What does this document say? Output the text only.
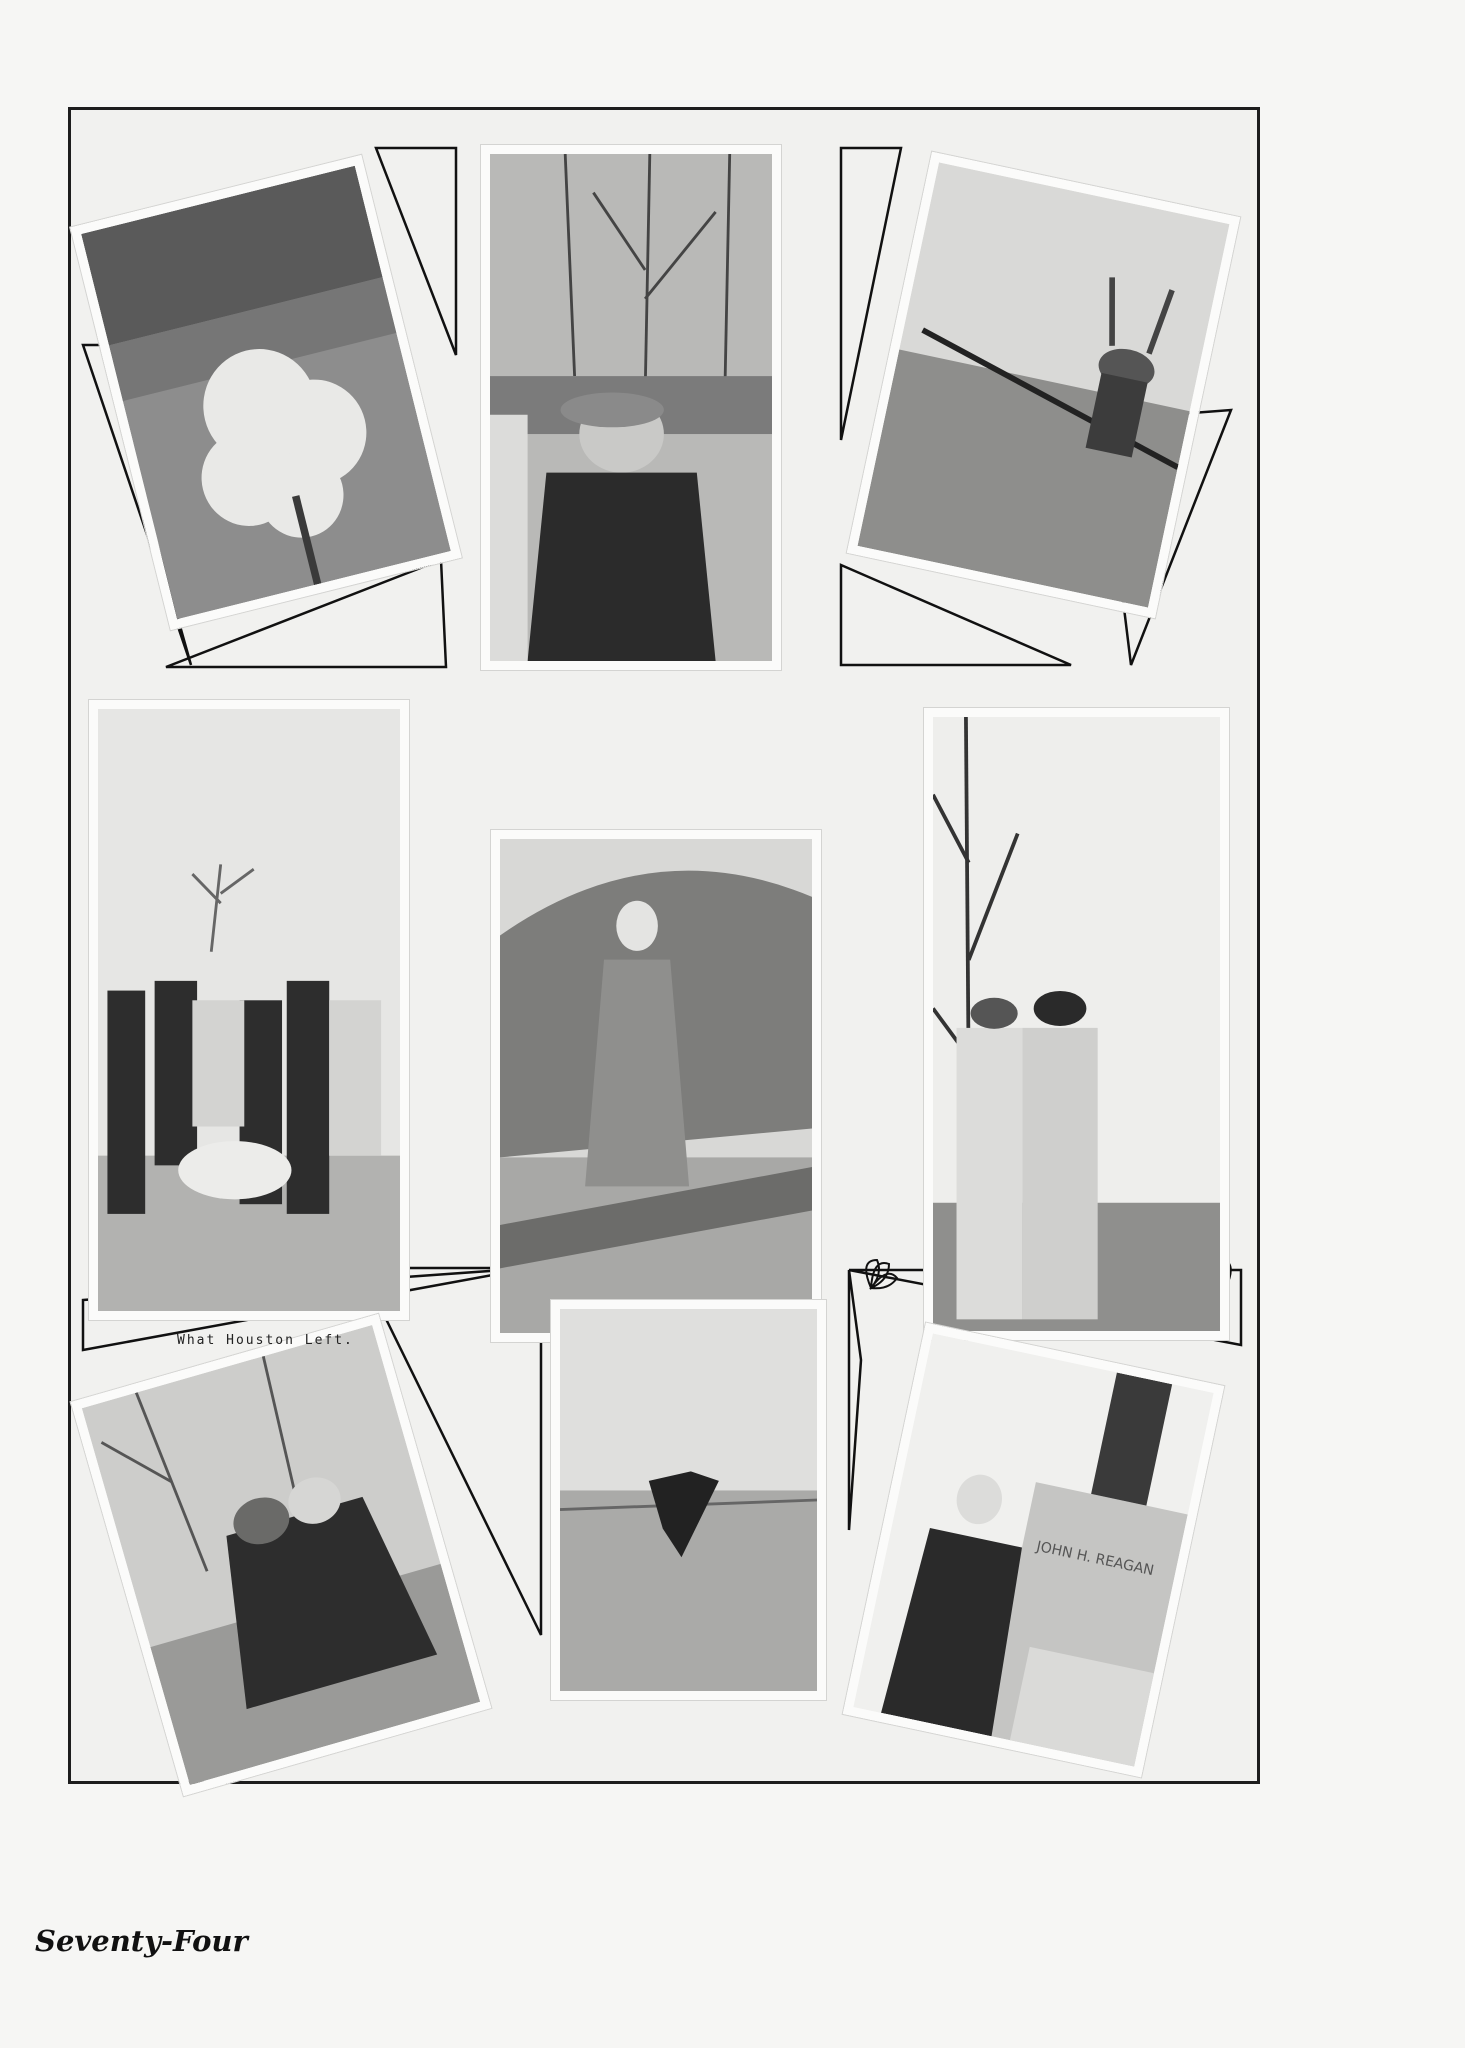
JOHN H. REAGAN
What Houston Left.
Seventy-Four
